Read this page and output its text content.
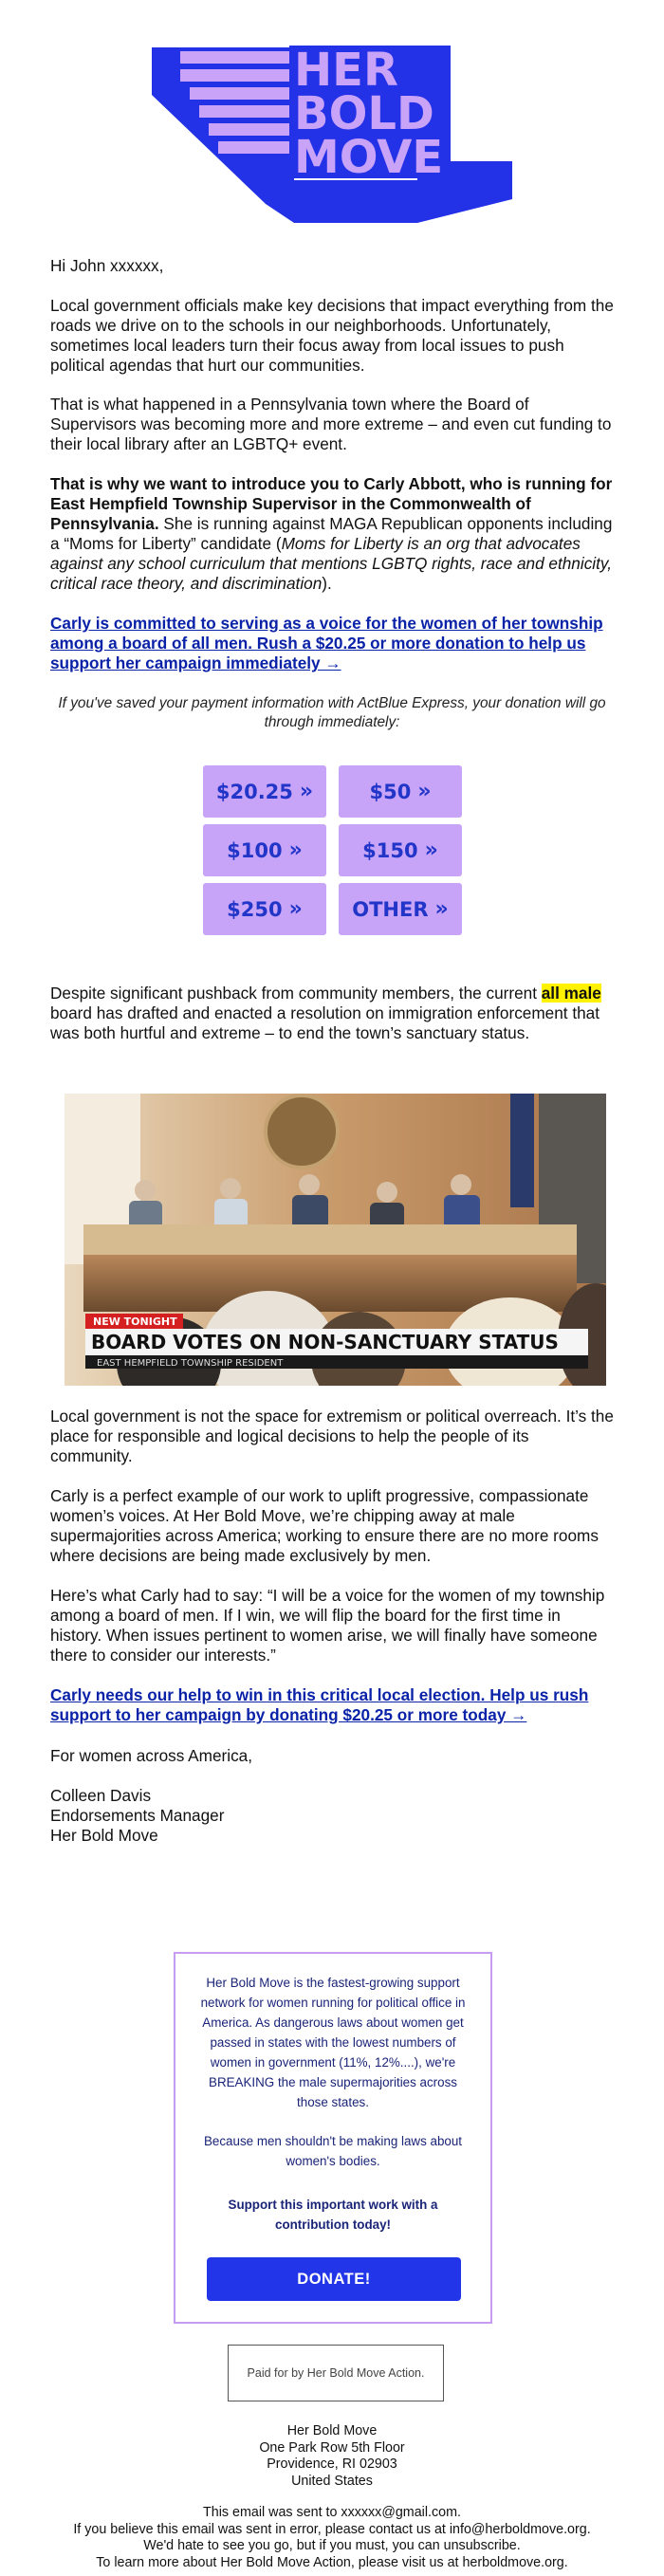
HER
BOLD
MOVE

Hi John xxxxxx,

Local government officials make key decisions that impact everything from the roads we drive on to the schools in our neighborhoods. Unfortunately, sometimes local leaders turn their focus away from local issues to push political agendas that hurt our communities.

That is what happened in a Pennsylvania town where the Board of Supervisors was becoming more and more extreme – and even cut funding to their local library after an LGBTQ+ event.

That is why we want to introduce you to Carly Abbott, who is running for East Hempfield Township Supervisor in the Commonwealth of Pennsylvania. She is running against MAGA Republican opponents including a “Moms for Liberty” candidate (Moms for Liberty is an org that advocates against any school curriculum that mentions LGBTQ rights, race and ethnicity, critical race theory, and discrimination).

Carly is committed to serving as a voice for the women of her township among a board of all men. Rush a $20.25 or more donation to help us support her campaign immediately →

If you've saved your payment information with ActBlue Express, your donation will go through immediately:

$20.25 »	$50 »
$100 »	$150 »
$250 » OTHER »

Despite significant pushback from community members, the current all male board has drafted and enacted a resolution on immigration enforcement that was both hurtful and extreme – to end the town’s sanctuary status.

NEW TONIGHT
BOARD VOTES ON NON-SANCTUARY STATUS
EAST HEMPFIELD TOWNSHIP RESIDENT

Local government is not the space for extremism or political overreach. It’s the place for responsible and logical decisions to help the people of its community.

Carly is a perfect example of our work to uplift progressive, compassionate women’s voices. At Her Bold Move, we’re chipping away at male supermajorities across America; working to ensure there are no more rooms where decisions are being made exclusively by men.

Here’s what Carly had to say: “I will be a voice for the women of my township among a board of men. If I win, we will flip the board for the first time in history. When issues pertinent to women arise, we will finally have someone there to consider our interests.”

Carly needs our help to win in this critical local election. Help us rush support to her campaign by donating $20.25 or more today →

For women across America,

Colleen Davis

Endorsements Manager

Her Bold Move

Her Bold Move is the fastest-growing support network for women running for political office in America. As dangerous laws about women get passed in states with the lowest numbers of women in government (11%, 12%....), we're BREAKING the male supermajorities across those states.
Because men shouldn't be making laws about women's bodies.
Support this important work with a contribution today!
DONATE!
Paid for by Her Bold Move Action.
Her Bold Move
One Park Row 5th Floor
Providence, RI 02903
United States
This email was sent to xxxxxx@gmail.com.
If you believe this email was sent in error, please contact us at info@herboldmove.org.
We'd hate to see you go, but if you must, you can unsubscribe.
To learn more about Her Bold Move Action, please visit us at herboldmove.org.
